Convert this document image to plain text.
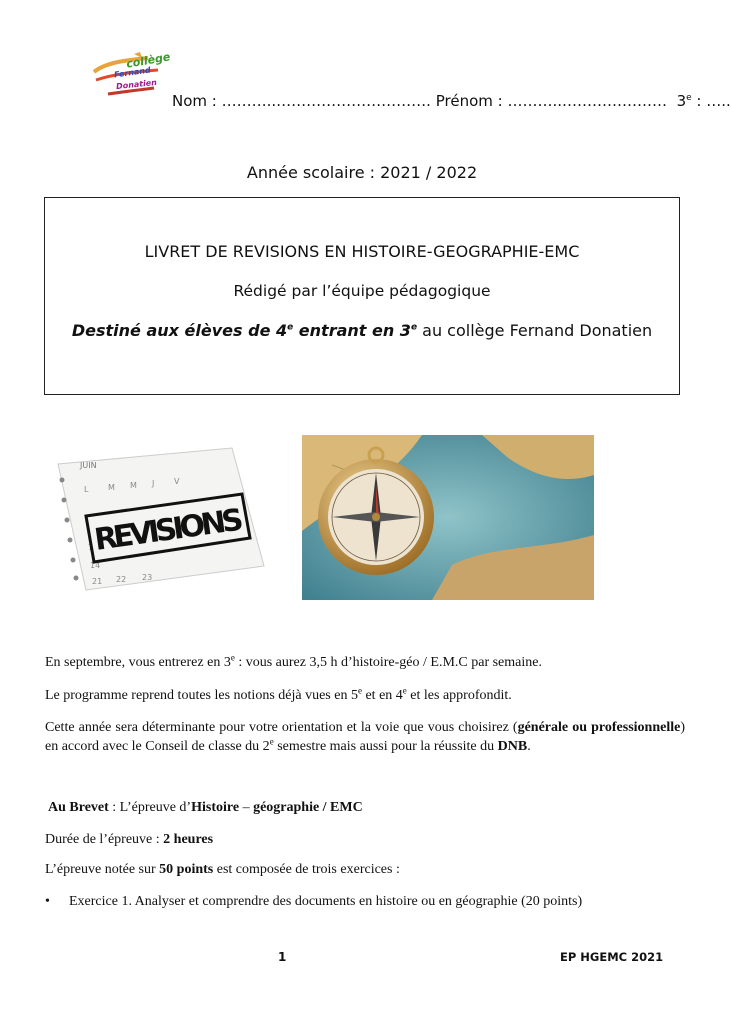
collège
Fernand
Donatien
Nom : ………..…………………………. Prénom : ………..………………… 3e : …..
Année scolaire : 2021 / 2022
LIVRET DE REVISIONS EN HISTOIRE-GEOGRAPHIE-EMC
Rédigé par l’équipe pédagogique
Destiné aux élèves de 4e entrant en 3e au collège Fernand Donatien
JUIN
L M M J V
7
14
21 22 23
REVISIONS
En septembre, vous entrerez en 3e : vous aurez 3,5 h d’histoire-géo / E.M.C par semaine.
Le programme reprend toutes les notions déjà vues en 5e et en 4e et les approfondit.
Cette année sera déterminante pour votre orientation et la voie que vous choisirez (générale ou professionnelle) en accord avec le Conseil de classe du 2e semestre mais aussi pour la réussite du DNB.
Au Brevet : L’épreuve d’Histoire – géographie / EMC
Durée de l’épreuve : 2 heures
L’épreuve notée sur 50 points est composée de trois exercices :
• Exercice 1. Analyser et comprendre des documents en histoire ou en géographie (20 points)
1	EP HGEMC 2021
